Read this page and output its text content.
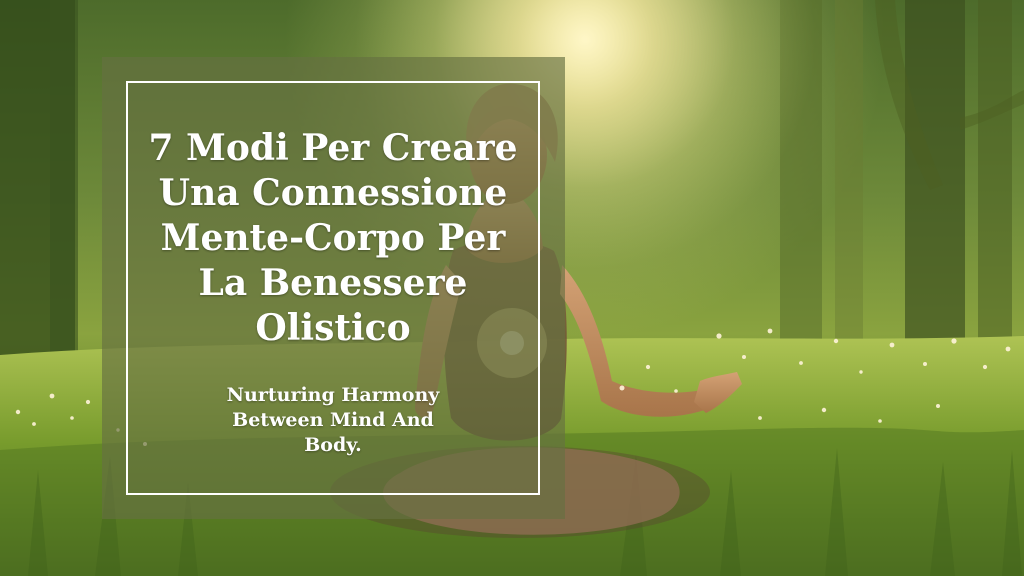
7 Modi Per Creare Una Connessione Mente-Corpo Per La Benessere Olistico

Nurturing Harmony Between Mind And Body.
